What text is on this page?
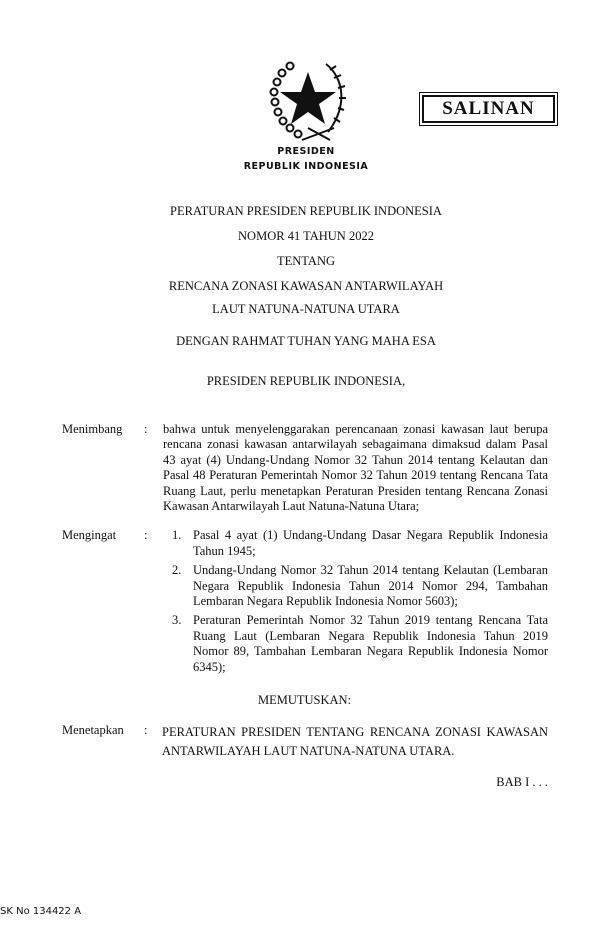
SALINAN
PRESIDEN
REPUBLIK INDONESIA
PERATURAN PRESIDEN REPUBLIK INDONESIA
NOMOR 41 TAHUN 2022
TENTANG
RENCANA ZONASI KAWASAN ANTARWILAYAH
LAUT NATUNA-NATUNA UTARA
DENGAN RAHMAT TUHAN YANG MAHA ESA
PRESIDEN REPUBLIK INDONESIA,
Menimbang	:	bahwa untuk menyelenggarakan perencanaan zonasi kawasan laut berupa rencana zonasi kawasan antarwilayah sebagaimana dimaksud dalam Pasal 43 ayat (4) Undang-Undang Nomor 32 Tahun 2014 tentang Kelautan dan Pasal 48 Peraturan Pemerintah Nomor 32 Tahun 2019 tentang Rencana Tata Ruang Laut, perlu menetapkan Peraturan Presiden tentang Rencana Zonasi Kawasan Antarwilayah Laut Natuna-Natuna Utara;
Mengingat	:	1. Pasal 4 ayat (1) Undang-Undang Dasar Negara Republik Indonesia Tahun 1945;
2. Undang-Undang Nomor 32 Tahun 2014 tentang Kelautan (Lembaran Negara Republik Indonesia Tahun 2014 Nomor 294, Tambahan Lembaran Negara Republik Indonesia Nomor 5603);
3. Peraturan Pemerintah Nomor 32 Tahun 2019 tentang Rencana Tata Ruang Laut (Lembaran Negara Republik Indonesia Tahun 2019 Nomor 89, Tambahan Lembaran Negara Republik Indonesia Nomor 6345);
MEMUTUSKAN:
Menetapkan	:	PERATURAN PRESIDEN TENTANG RENCANA ZONASI KAWASAN ANTARWILAYAH LAUT NATUNA-NATUNA UTARA.
BAB I . . .
SK No 134422 A
